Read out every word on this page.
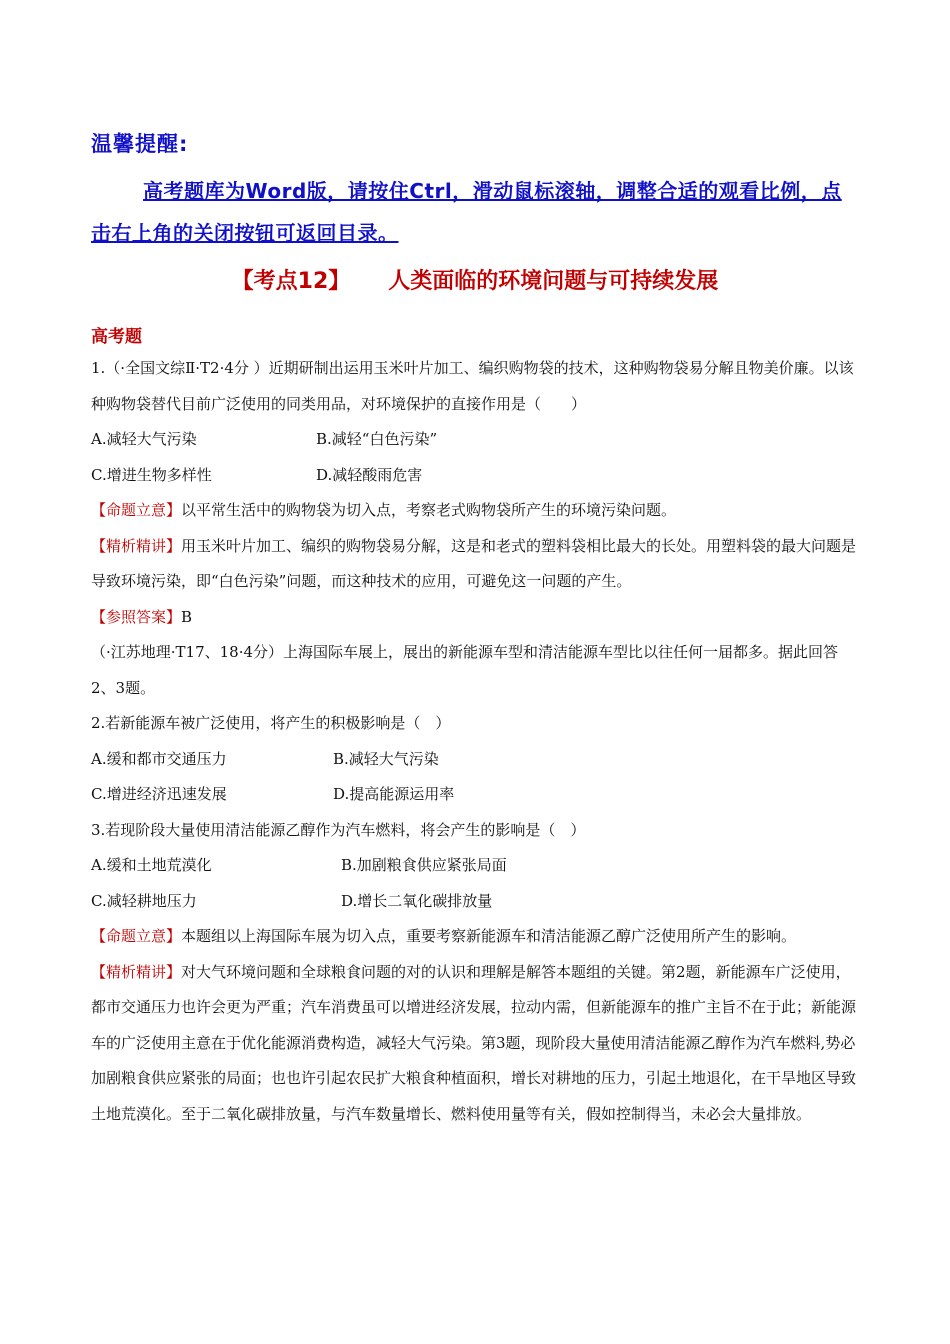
温馨提醒:
高考题库为Word版，请按住Ctrl，滑动鼠标滚轴，调整合适的观看比例，点击右上角的关闭按钮可返回目录。
【考点12】 人类面临的环境问题与可持续发展
高考题

1.（·全国文综Ⅱ·T2·4分 ）近期研制出运用玉米叶片加工、编织购物袋的技术，这种购物袋易分解且物美价廉。以该种购物袋替代目前广泛使用的同类用品，对环境保护的直接作用是（　　）

A.减轻大气污染	B.减轻“白色污染”

C.增进生物多样性	D.减轻酸雨危害

【命题立意】以平常生活中的购物袋为切入点，考察老式购物袋所产生的环境污染问题。

【精析精讲】用玉米叶片加工、编织的购物袋易分解，这是和老式的塑料袋相比最大的长处。用塑料袋的最大问题是导致环境污染，即“白色污染”问题，而这种技术的应用，可避免这一问题的产生。

【参照答案】B

（·江苏地理·T17、18·4分）上海国际车展上，展出的新能源车型和清洁能源车型比以往任何一届都多。据此回答2、3题。

2.若新能源车被广泛使用，将产生的积极影响是（　）

A.缓和都市交通压力	B.减轻大气污染

C.增进经济迅速发展	D.提高能源运用率

3.若现阶段大量使用清洁能源乙醇作为汽车燃料，将会产生的影响是（　）

A.缓和土地荒漠化	B.加剧粮食供应紧张局面

C.减轻耕地压力	D.增长二氧化碳排放量

【命题立意】本题组以上海国际车展为切入点，重要考察新能源车和清洁能源乙醇广泛使用所产生的影响。

【精析精讲】对大气环境问题和全球粮食问题的对的认识和理解是解答本题组的关键。第2题，新能源车广泛使用，都市交通压力也许会更为严重；汽车消费虽可以增进经济发展，拉动内需，但新能源车的推广主旨不在于此；新能源车的广泛使用主意在于优化能源消费构造，减轻大气污染。第3题，现阶段大量使用清洁能源乙醇作为汽车燃料,势必加剧粮食供应紧张的局面；也也许引起农民扩大粮食种植面积，增长对耕地的压力，引起土地退化，在干旱地区导致土地荒漠化。至于二氧化碳排放量，与汽车数量增长、燃料使用量等有关，假如控制得当，未必会大量排放。
